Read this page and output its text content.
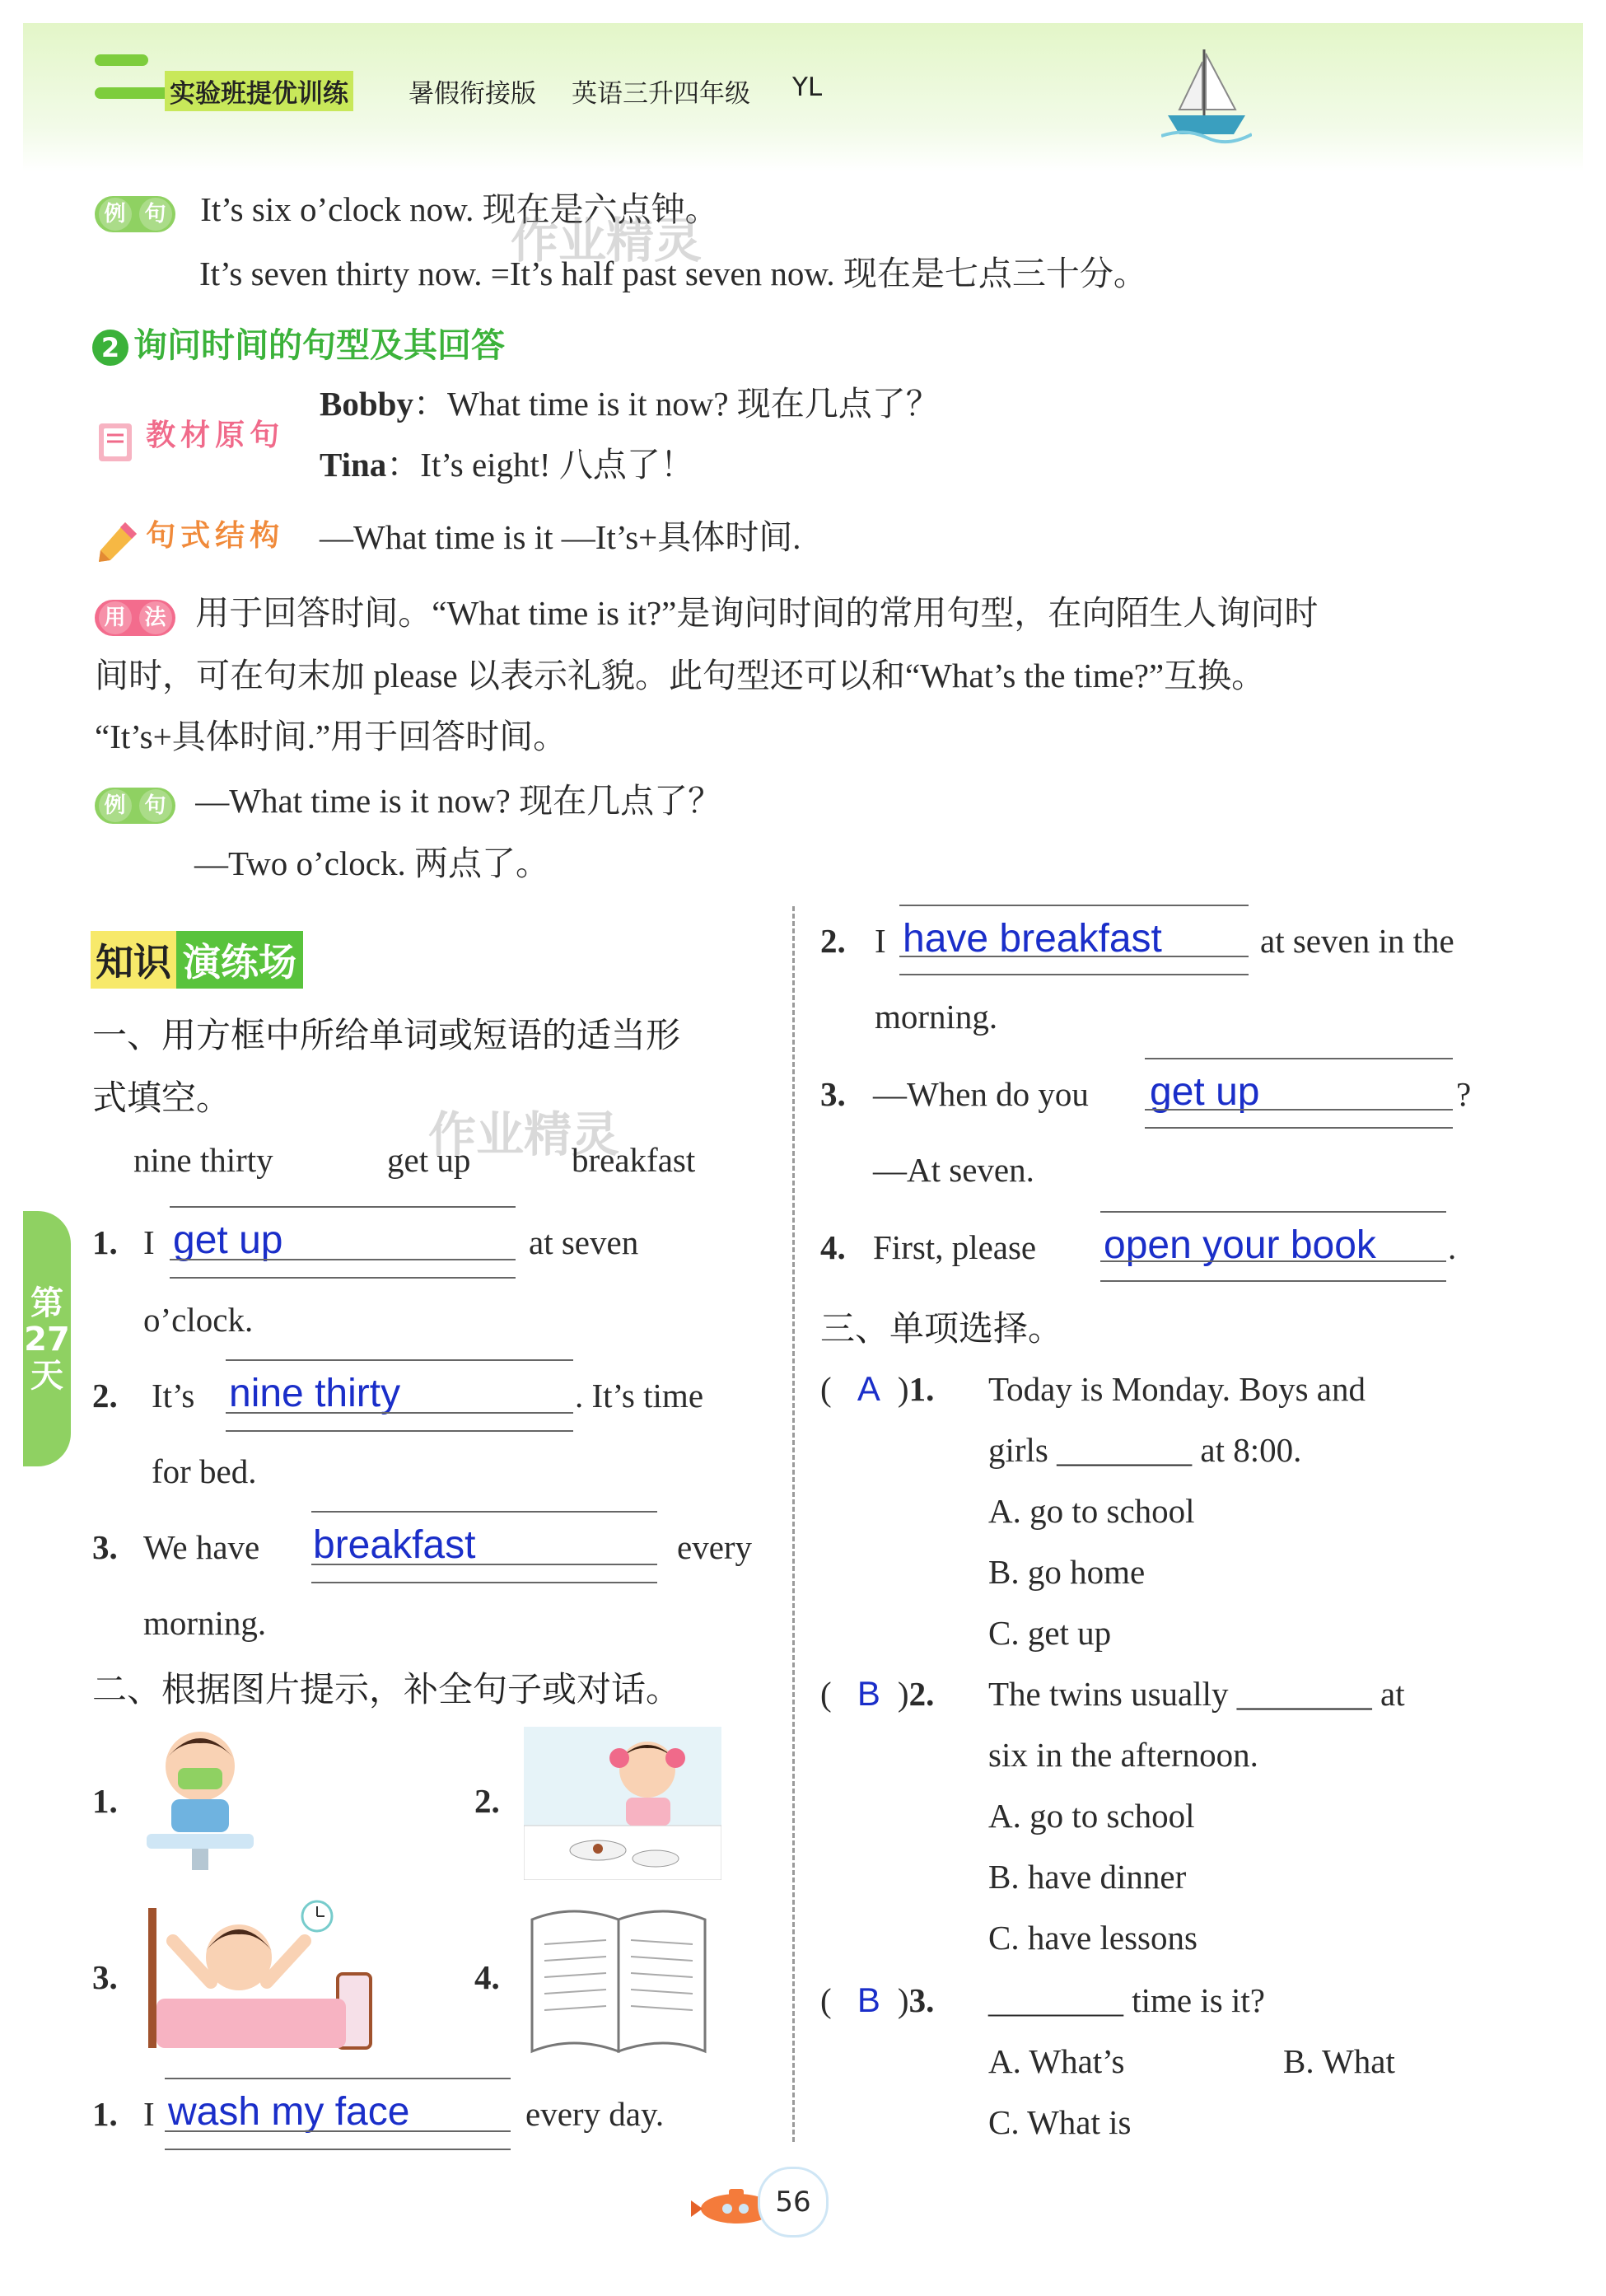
实验班提优训练 暑假衔接版 英语三升四年级 YL
例 句 It’s six o’clock now. 现在是六点钟。
It’s seven thirty now. =It’s half past seven now. 现在是七点三十分。
作业精灵
2 询问时间的句型及其回答
教材原句
Bobby：What time is it now? 现在几点了？
Tina：It’s eight! 八点了！
句式结构 —What time is it —It’s+具体时间.
用 法 用于回答时间。“What time is it?”是询问时间的常用句型，在向陌生人询问时
间时，可在句末加 please 以表示礼貌。此句型还可以和“What’s the time?”互换。
“It’s+具体时间.”用于回答时间。
例 句 —What time is it now? 现在几点了？
—Two o’clock. 两点了。
知识 演练场
一、用方框中所给单词或短语的适当形
式填空。
作业精灵
nine thirty	get up	breakfast
第27天
1. I get up	at seven
o’clock.
2. It’s nine thirty	. It’s time
for bed.
3. We have breakfast	every
morning.
二、根据图片提示，补全句子或对话。
1.	2.
3.	4.
1. I wash my face	every day.
2. I have breakfast	at seven in the
morning.
3. —When do you get up	?
—At seven.
4. First, please open your book .
三、单项选择。
( A )1. Today is Monday. Boys and
girls ________ at 8:00.
A. go to school
B. go home
C. get up
( B )2. The twins usually ________ at
six in the afternoon.
A. go to school
B. have dinner
C. have lessons
( B )3. ________ time is it?
A. What’s	B. What
C. What is
56
